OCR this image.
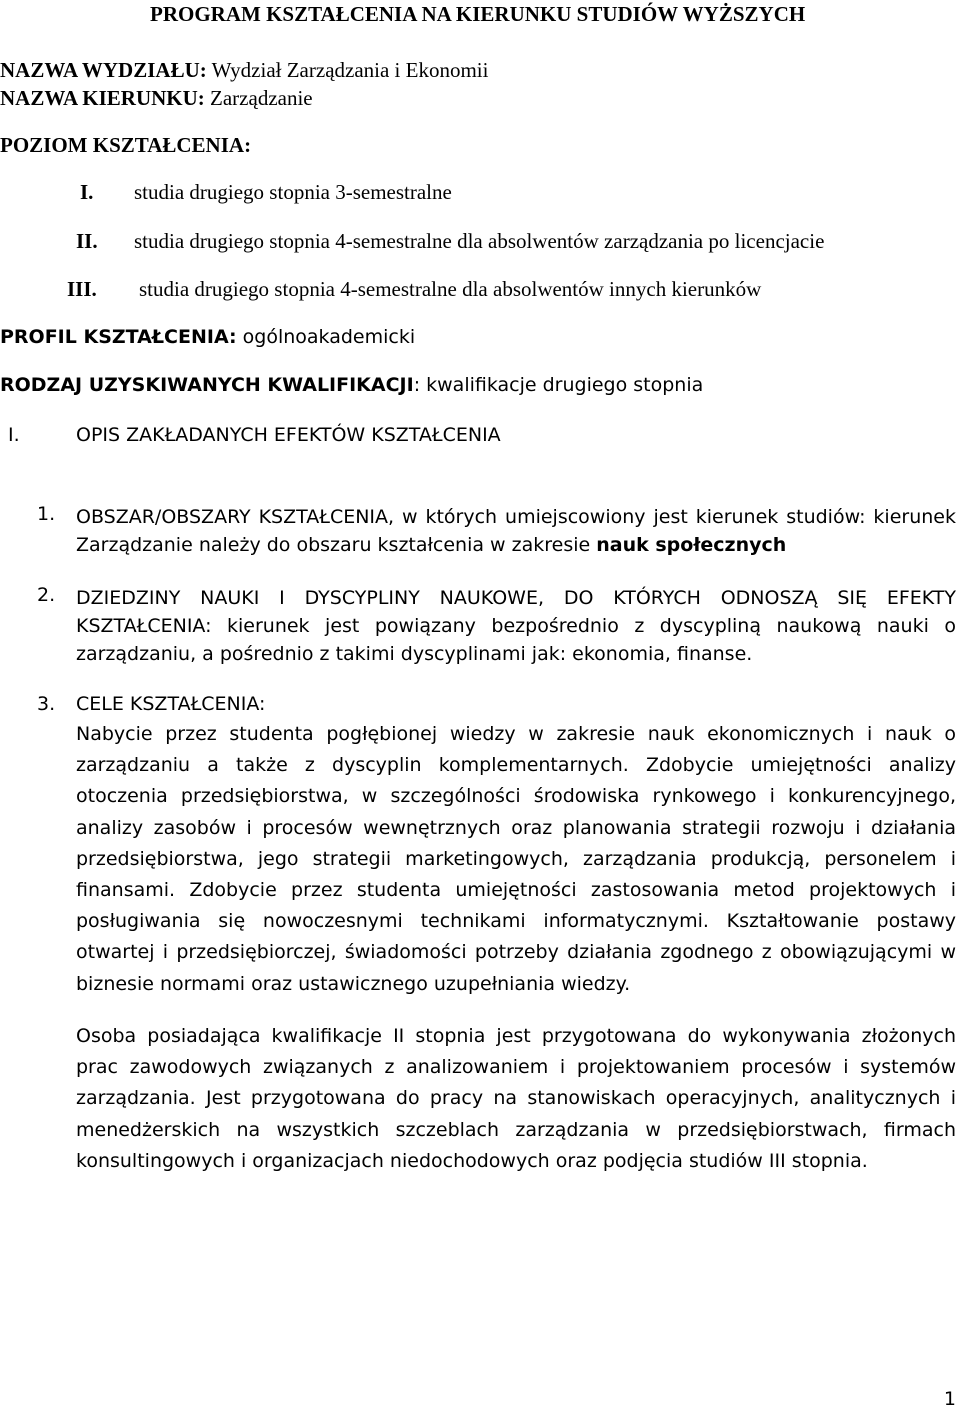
PROGRAM KSZTAŁCENIA NA KIERUNKU STUDIÓW WYŻSZYCH
NAZWA WYDZIAŁU: Wydział Zarządzania i Ekonomii
NAZWA KIERUNKU: Zarządzanie
POZIOM KSZTAŁCENIA:
I. studia drugiego stopnia 3-semestralne
II. studia drugiego stopnia 4-semestralne dla absolwentów zarządzania po licencjacie
III. studia drugiego stopnia 4-semestralne dla absolwentów innych kierunków
PROFIL KSZTAŁCENIA: ogólnoakademicki
RODZAJ UZYSKIWANYCH KWALIFIKACJI: kwalifikacje drugiego stopnia
I.	OPIS ZAKŁADANYCH EFEKTÓW KSZTAŁCENIA
1. OBSZAR/OBSZARY KSZTAŁCENIA, w których umiejscowiony jest kierunek studiów: kierunek Zarządzanie należy do obszaru kształcenia w zakresie nauk społecznych
2. DZIEDZINY NAUKI I DYSCYPLINY NAUKOWE, DO KTÓRYCH ODNOSZĄ SIĘ EFEKTY KSZTAŁCENIA: kierunek jest powiązany bezpośrednio z dyscypliną naukową nauki o zarządzaniu, a pośrednio z takimi dyscyplinami jak: ekonomia, finanse.
3. CELE KSZTAŁCENIA:
Nabycie przez studenta pogłębionej wiedzy w zakresie nauk ekonomicznych i nauk o zarządzaniu a także z dyscyplin komplementarnych. Zdobycie umiejętności analizy otoczenia przedsiębiorstwa, w szczególności środowiska rynkowego i konkurencyjnego, analizy zasobów i procesów wewnętrznych oraz planowania strategii rozwoju i działania przedsiębiorstwa, jego strategii marketingowych, zarządzania produkcją, personelem i finansami. Zdobycie przez studenta umiejętności zastosowania metod projektowych i posługiwania się nowoczesnymi technikami informatycznymi. Kształtowanie postawy otwartej i przedsiębiorczej, świadomości potrzeby działania zgodnego z obowiązującymi w biznesie normami oraz ustawicznego uzupełniania wiedzy.
Osoba posiadająca kwalifikacje II stopnia jest przygotowana do wykonywania złożonych prac zawodowych związanych z analizowaniem i projektowaniem procesów i systemów zarządzania. Jest przygotowana do pracy na stanowiskach operacyjnych, analitycznych i menedżerskich na wszystkich szczeblach zarządzania w przedsiębiorstwach, firmach konsultingowych i organizacjach niedochodowych oraz podjęcia studiów III stopnia.
1
